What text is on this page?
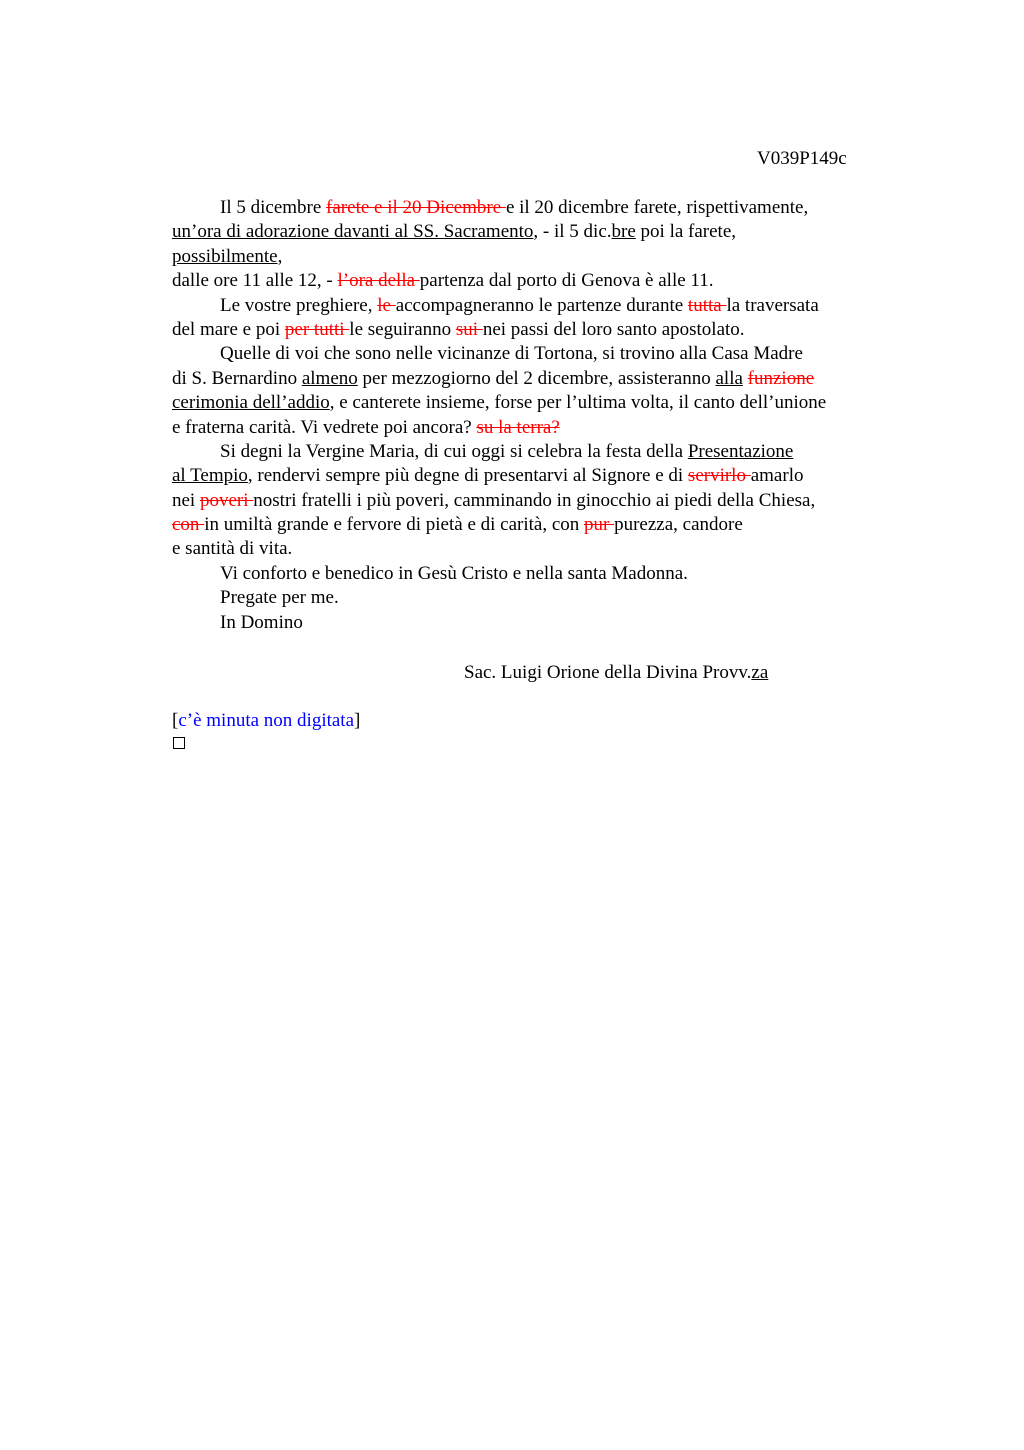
V039P149c
Il 5 dicembre farete e il 20 Dicembre e il 20 dicembre farete, rispettivamente,
un’ora di adorazione davanti al SS. Sacramento, - il 5 dic.bre poi la farete,
possibilmente,
dalle ore 11 alle 12, - l’ora della partenza dal porto di Genova è alle 11.
Le vostre preghiere, le accompagneranno le partenze durante tutta la traversata
del mare e poi per tutti le seguiranno sui nei passi del loro santo apostolato.
Quelle di voi che sono nelle vicinanze di Tortona, si trovino alla Casa Madre
di S. Bernardino almeno per mezzogiorno del 2 dicembre, assisteranno alla funzione
cerimonia dell’addio, e canterete insieme, forse per l’ultima volta, il canto dell’unione
e fraterna carità. Vi vedrete poi ancora? su la terra?
Si degni la Vergine Maria, di cui oggi si celebra la festa della Presentazione
al Tempio, rendervi sempre più degne di presentarvi al Signore e di servirlo amarlo
nei poveri nostri fratelli i più poveri, camminando in ginocchio ai piedi della Chiesa,
con in umiltà grande e fervore di pietà e di carità, con pur purezza, candore
e santità di vita.
Vi conforto e benedico in Gesù Cristo e nella santa Madonna.
Pregate per me.
In Domino
Sac. Luigi Orione della Divina Provv.za
[c’è minuta non digitata]
